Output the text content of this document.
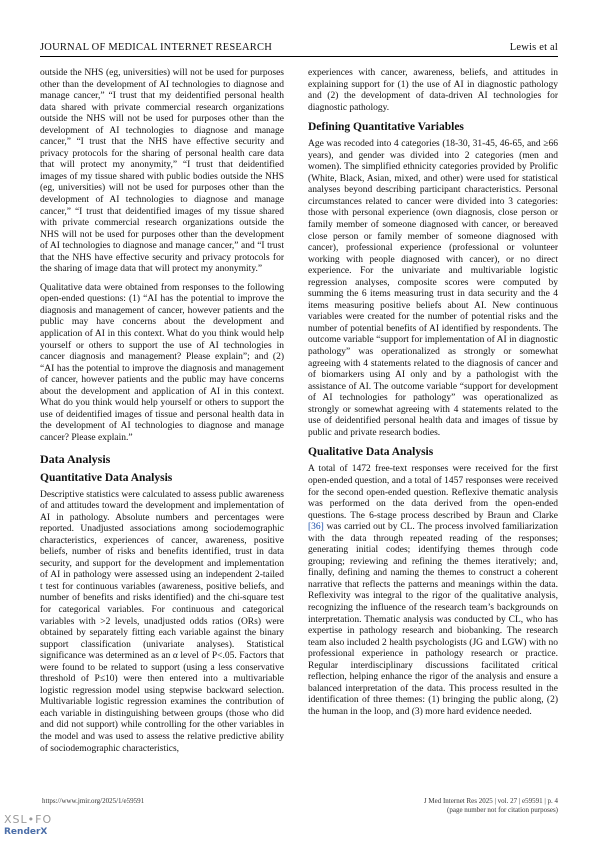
JOURNAL OF MEDICAL INTERNET RESEARCH	Lewis et al

outside the NHS (eg, universities) will not be used for purposes other than the development of AI technologies to diagnose and manage cancer,” “I trust that my deidentified personal health data shared with private commercial research organizations outside the NHS will not be used for purposes other than the development of AI technologies to diagnose and manage cancer,” “I trust that the NHS have effective security and privacy protocols for the sharing of personal health care data that will protect my anonymity,” “I trust that deidentified images of my tissue shared with public bodies outside the NHS (eg, universities) will not be used for purposes other than the development of AI technologies to diagnose and manage cancer,” “I trust that deidentified images of my tissue shared with private commercial research organizations outside the NHS will not be used for purposes other than the development of AI technologies to diagnose and manage cancer,” and “I trust that the NHS have effective security and privacy protocols for the sharing of image data that will protect my anonymity.”

Qualitative data were obtained from responses to the following open-ended questions: (1) “AI has the potential to improve the diagnosis and management of cancer, however patients and the public may have concerns about the development and application of AI in this context. What do you think would help yourself or others to support the use of AI technologies in cancer diagnosis and management? Please explain”; and (2) “AI has the potential to improve the diagnosis and management of cancer, however patients and the public may have concerns about the development and application of AI in this context. What do you think would help yourself or others to support the use of deidentified images of tissue and personal health data in the development of AI technologies to diagnose and manage cancer? Please explain.”

Data Analysis
Quantitative Data Analysis

Descriptive statistics were calculated to assess public awareness of and attitudes toward the development and implementation of AI in pathology. Absolute numbers and percentages were reported. Unadjusted associations among sociodemographic characteristics, experiences of cancer, awareness, positive beliefs, number of risks and benefits identified, trust in data security, and support for the development and implementation of AI in pathology were assessed using an independent 2-tailed t test for continuous variables (awareness, positive beliefs, and number of benefits and risks identified) and the chi-square test for categorical variables. For continuous and categorical variables with >2 levels, unadjusted odds ratios (ORs) were obtained by separately fitting each variable against the binary support classification (univariate analyses). Statistical significance was determined as an α level of P<.05. Factors that were found to be related to support (using a less conservative threshold of P≤10) were then entered into a multivariable logistic regression model using stepwise backward selection. Multivariable logistic regression examines the contribution of each variable in distinguishing between groups (those who did and did not support) while controlling for the other variables in the model and was used to assess the relative predictive ability of sociodemographic characteristics,

experiences with cancer, awareness, beliefs, and attitudes in explaining support for (1) the use of AI in diagnostic pathology and (2) the development of data-driven AI technologies for diagnostic pathology.

Defining Quantitative Variables

Age was recoded into 4 categories (18-30, 31-45, 46-65, and ≥66 years), and gender was divided into 2 categories (men and women). The simplified ethnicity categories provided by Prolific (White, Black, Asian, mixed, and other) were used for statistical analyses beyond describing participant characteristics. Personal circumstances related to cancer were divided into 3 categories: those with personal experience (own diagnosis, close person or family member of someone diagnosed with cancer, or bereaved close person or family member of someone diagnosed with cancer), professional experience (professional or volunteer working with people diagnosed with cancer), or no direct experience. For the univariate and multivariable logistic regression analyses, composite scores were computed by summing the 6 items measuring trust in data security and the 4 items measuring positive beliefs about AI. New continuous variables were created for the number of potential risks and the number of potential benefits of AI identified by respondents. The outcome variable “support for implementation of AI in diagnostic pathology” was operationalized as strongly or somewhat agreeing with 4 statements related to the diagnosis of cancer and of biomarkers using AI only and by a pathologist with the assistance of AI. The outcome variable “support for development of AI technologies for pathology” was operationalized as strongly or somewhat agreeing with 4 statements related to the use of deidentified personal health data and images of tissue by public and private research bodies.

Qualitative Data Analysis

A total of 1472 free-text responses were received for the first open-ended question, and a total of 1457 responses were received for the second open-ended question. Reflexive thematic analysis was performed on the data derived from the open-ended questions. The 6-stage process described by Braun and Clarke [36] was carried out by CL. The process involved familiarization with the data through repeated reading of the responses; generating initial codes; identifying themes through code grouping; reviewing and refining the themes iteratively; and, finally, defining and naming the themes to construct a coherent narrative that reflects the patterns and meanings within the data. Reflexivity was integral to the rigor of the qualitative analysis, recognizing the influence of the research team’s backgrounds on interpretation. Thematic analysis was conducted by CL, who has expertise in pathology research and biobanking. The research team also included 2 health psychologists (JG and LGW) with no professional experience in pathology research or practice. Regular interdisciplinary discussions facilitated critical reflection, helping enhance the rigor of the analysis and ensure a balanced interpretation of the data. This process resulted in the identification of three themes: (1) bringing the public along, (2) the human in the loop, and (3) more hard evidence needed.

https://www.jmir.org/2025/1/e59591	J Med Internet Res 2025 | vol. 27 | e59591 | p. 4
(page number not for citation purposes)
XSL•FO
RenderX
